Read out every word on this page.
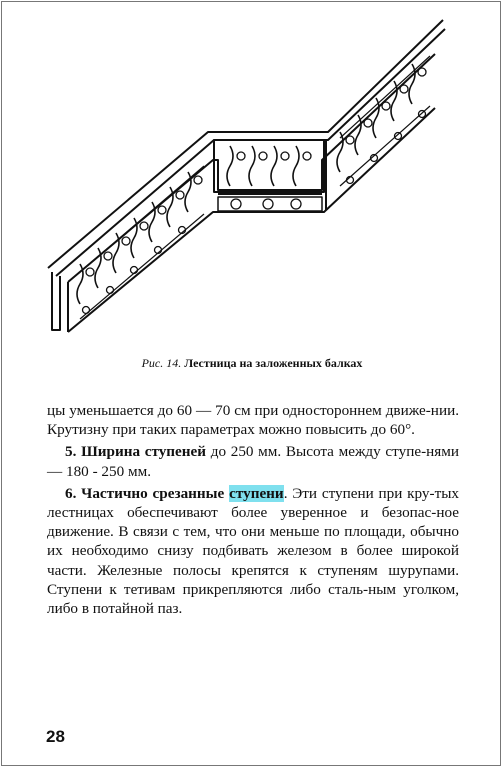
Рис. 14. Лестница на заложенных балках

цы уменьшается до 60 — 70 см при одностороннем движе-нии. Крутизну при таких параметрах можно повысить до 60°.

5. Ширина ступеней до 250 мм. Высота между ступе-нями — 180 - 250 мм.

6. Частично срезанные ступени. Эти ступени при кру-тых лестницах обеспечивают более уверенное и безопас-ное движение. В связи с тем, что они меньше по площади, обычно их необходимо снизу подбивать железом в более широкой части. Железные полосы крепятся к ступеням шурупами. Ступени к тетивам прикрепляются либо сталь-ным уголком, либо в потайной паз.

28
